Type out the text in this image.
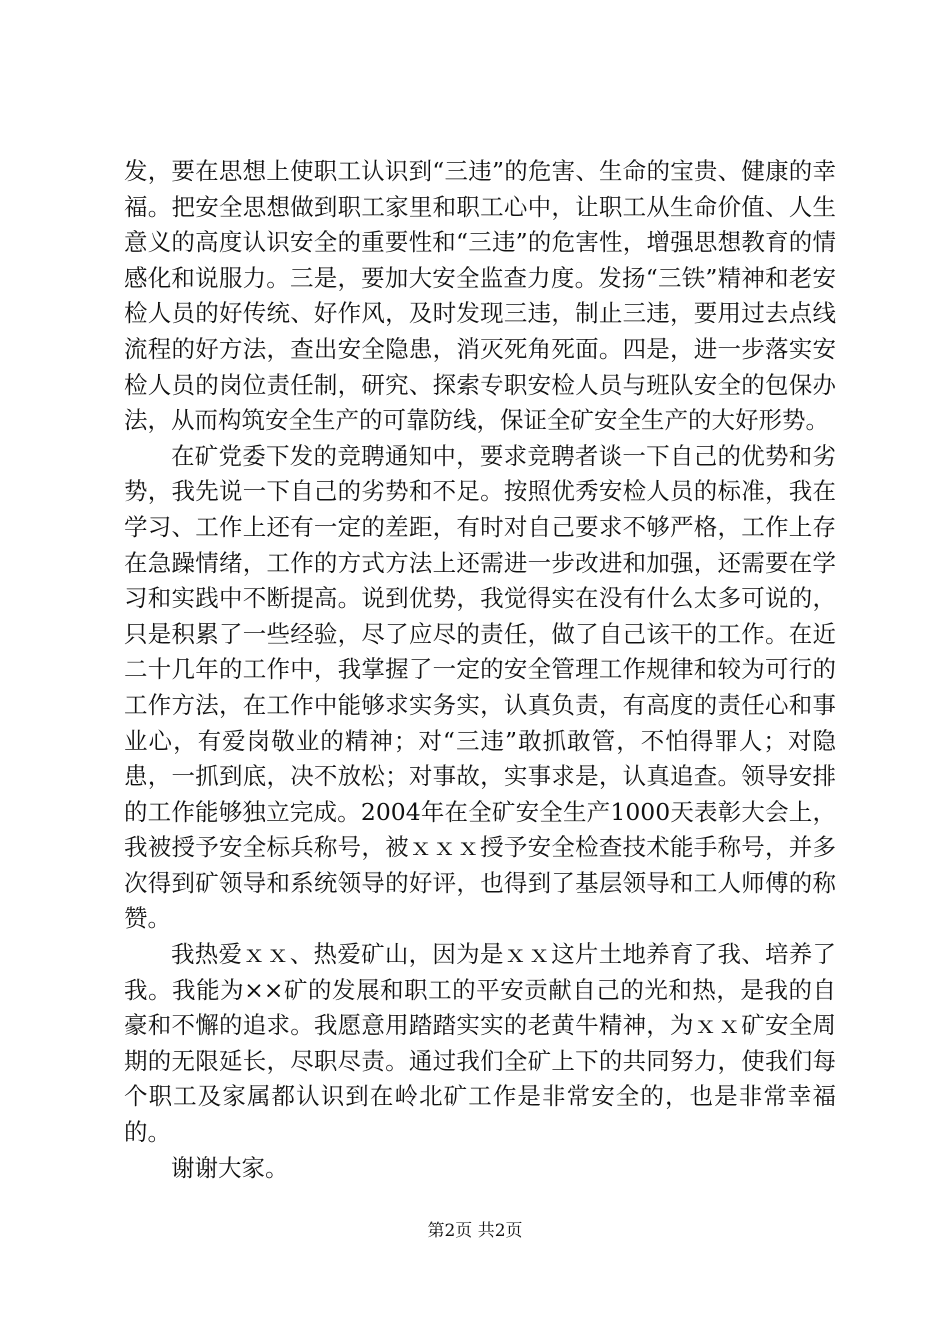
发，要在思想上使职工认识到“三违”的危害、生命的宝贵、健康的幸福。把安全思想做到职工家里和职工心中，让职工从生命价值、人生意义的高度认识安全的重要性和“三违”的危害性，增强思想教育的情感化和说服力。三是，要加大安全监查力度。发扬“三铁”精神和老安检人员的好传统、好作风，及时发现三违，制止三违，要用过去点线流程的好方法，查出安全隐患，消灭死角死面。四是，进一步落实安检人员的岗位责任制，研究、探索专职安检人员与班队安全的包保办法，从而构筑安全生产的可靠防线，保证全矿安全生产的大好形势。

在矿党委下发的竞聘通知中，要求竞聘者谈一下自己的优势和劣势，我先说一下自己的劣势和不足。按照优秀安检人员的标准，我在学习、工作上还有一定的差距，有时对自己要求不够严格，工作上存在急躁情绪，工作的方式方法上还需进一步改进和加强，还需要在学习和实践中不断提高。说到优势，我觉得实在没有什么太多可说的，只是积累了一些经验，尽了应尽的责任，做了自己该干的工作。在近二十几年的工作中，我掌握了一定的安全管理工作规律和较为可行的工作方法，在工作中能够求实务实，认真负责，有高度的责任心和事业心，有爱岗敬业的精神；对“三违”敢抓敢管，不怕得罪人；对隐患，一抓到底，决不放松；对事故，实事求是，认真追查。领导安排的工作能够独立完成。2004年在全矿安全生产1000天表彰大会上，我被授予安全标兵称号，被ｘｘｘ授予安全检查技术能手称号，并多次得到矿领导和系统领导的好评，也得到了基层领导和工人师傅的称赞。

我热爱ｘｘ、热爱矿山，因为是ｘｘ这片土地养育了我、培养了我。我能为××矿的发展和职工的平安贡献自己的光和热，是我的自豪和不懈的追求。我愿意用踏踏实实的老黄牛精神，为ｘｘ矿安全周期的无限延长，尽职尽责。通过我们全矿上下的共同努力，使我们每个职工及家属都认识到在岭北矿工作是非常安全的，也是非常幸福的。

谢谢大家。

第2页 共2页
